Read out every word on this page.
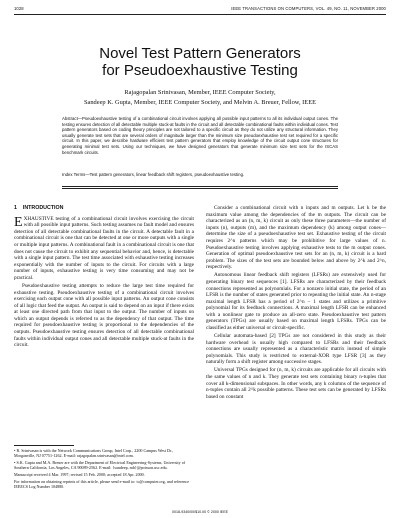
1028	IEEE TRANSACTIONS ON COMPUTERS, VOL. 49, NO. 11, NOVEMBER 2000
Novel Test Pattern Generators
for Pseudoexhaustive Testing
Rajagopalan Srinivasan, Member, IEEE Computer Society,
Sandeep K. Gupta, Member, IEEE Computer Society, and Melvin A. Breuer, Fellow, IEEE
Abstract—Pseudoexhaustive testing of a combinational circuit involves applying all possible input patterns to all its individual output cones. The testing ensures detection of all detectable multiple stuck-at faults in the circuit and all detectable combinational faults within individual cones. Test pattern generators based on coding theory principles are not tailored to a specific circuit as they do not utilize any structural information. They usually generate test sets that are several orders of magnitude larger than the minimum size pseudoexhaustive test set required for a specific circuit. In this paper, we describe hardware efficient test pattern generators that employ knowledge of the circuit output cone structures for generating minimal test sets. Using our techniques, we have designed generators that generate minimum size test sets for the ISCAS benchmark circuits.
Index Terms—Test pattern generators, linear feedback shift registers, pseudoexhaustive testing.
1 INTRODUCTION

EXHAUSTIVE testing of a combinational circuit involves exercising the circuit with all possible input patterns. Such testing assumes no fault model and ensures detection of all detectable combinational faults in the circuit. A detectable fault in a combinational circuit is one that can be detected at one or more outputs with a single or multiple input patterns. A combinational fault in a combinational circuit is one that does not cause the circuit to exhibit any sequential behavior and, hence, is detectable with a single input pattern. The test time associated with exhaustive testing increases exponentially with the number of inputs to the circuit. For circuits with a large number of inputs, exhaustive testing is very time consuming and may not be practical.

Pseudoexhaustive testing attempts to reduce the large test time required for exhaustive testing. Pseudoexhaustive testing of a combinational circuit involves exercising each output cone with all possible input patterns. An output cone consists of all logic that feed the output. An output is said to depend on an input if there exists at least one directed path from that input to the output. The number of inputs on which an output depends is referred to as the dependency of that output. The time required for pseudoexhaustive testing is proportional to the dependencies of the outputs. Pseudoexhaustive testing ensures detection of all detectable combinational faults within individual output cones and all detectable multiple stuck-at faults in the circuit.

• R. Srinivasan is with the Network Communications Group, Intel Corp., 2200 Campus West Dr., Morganville, NJ 07751-1262. E-mail: rajagopalan.srinivasan@intel.com.

• S.K. Gupta and M.A. Breuer are with the Department of Electrical Engineering-Systems, University of Southern California, Los Angeles, CA 90089-2562. E-mail: {sandeep, mb}@poisson.usc.edu.

Manuscript received 4 Mar. 1997; revised 15 Feb. 2000; accepted 18 Apr. 2000.

For information on obtaining reprints of this article, please send e-mail to: tc@computer.org, and reference IEEECS Log Number 104880.

Consider a combinational circuit with n inputs and m outputs. Let k be the maximum value among the dependencies of the m outputs. The circuit can be characterized as an (n, m, k) circuit as only these three parameters—the number of inputs (n), outputs (m), and the maximum dependency (k) among output cones—determine the size of a pseudoexhaustive test set. Exhaustive testing of the circuit requires 2^n patterns which may be prohibitive for large values of n. Pseudoexhaustive testing involves applying exhaustive tests to the m output cones. Generation of optimal pseudoexhaustive test sets for an (n, m, k) circuit is a hard problem. The sizes of the test sets are bounded below and above by 2^k and 2^n, respectively.

Autonomous linear feedback shift registers (LFSRs) are extensively used for generating binary test sequences [1]. LFSRs are characterized by their feedback connections represented as polynomials. For a nonzero initial state, the period of an LFSR is the number of states generated prior to repeating the initial state. An n-stage maximal length LFSR has a period of 2^n − 1 states and utilizes a primitive polynomial for its feedback connections. A maximal length LFSR can be enhanced with a nonlinear gate to produce an all-zero state. Pseudoexhaustive test pattern generators (TPGs) are usually based on maximal length LFSRs. TPGs can be classified as either universal or circuit-specific.

Cellular automata-based [2] TPGs are not considered in this study as their hardware overhead is usually high compared to LFSRs and their feedback connections are usually represented as a characteristic matrix instead of simple polynomials. This study is restricted to external-XOR type LFSR [3] as they naturally form a shift register among successive stages.

Universal TPGs designed for (n, m, k) circuits are applicable for all circuits with the same values of n and k. They generate test sets containing binary n-tuples that cover all k-dimensional subspaces. In other words, any k columns of the sequence of n-tuples contain all 2^k possible patterns. These test sets can be generated by LFSRs based on constant

0018-9340/00/$10.00 © 2000 IEEE
